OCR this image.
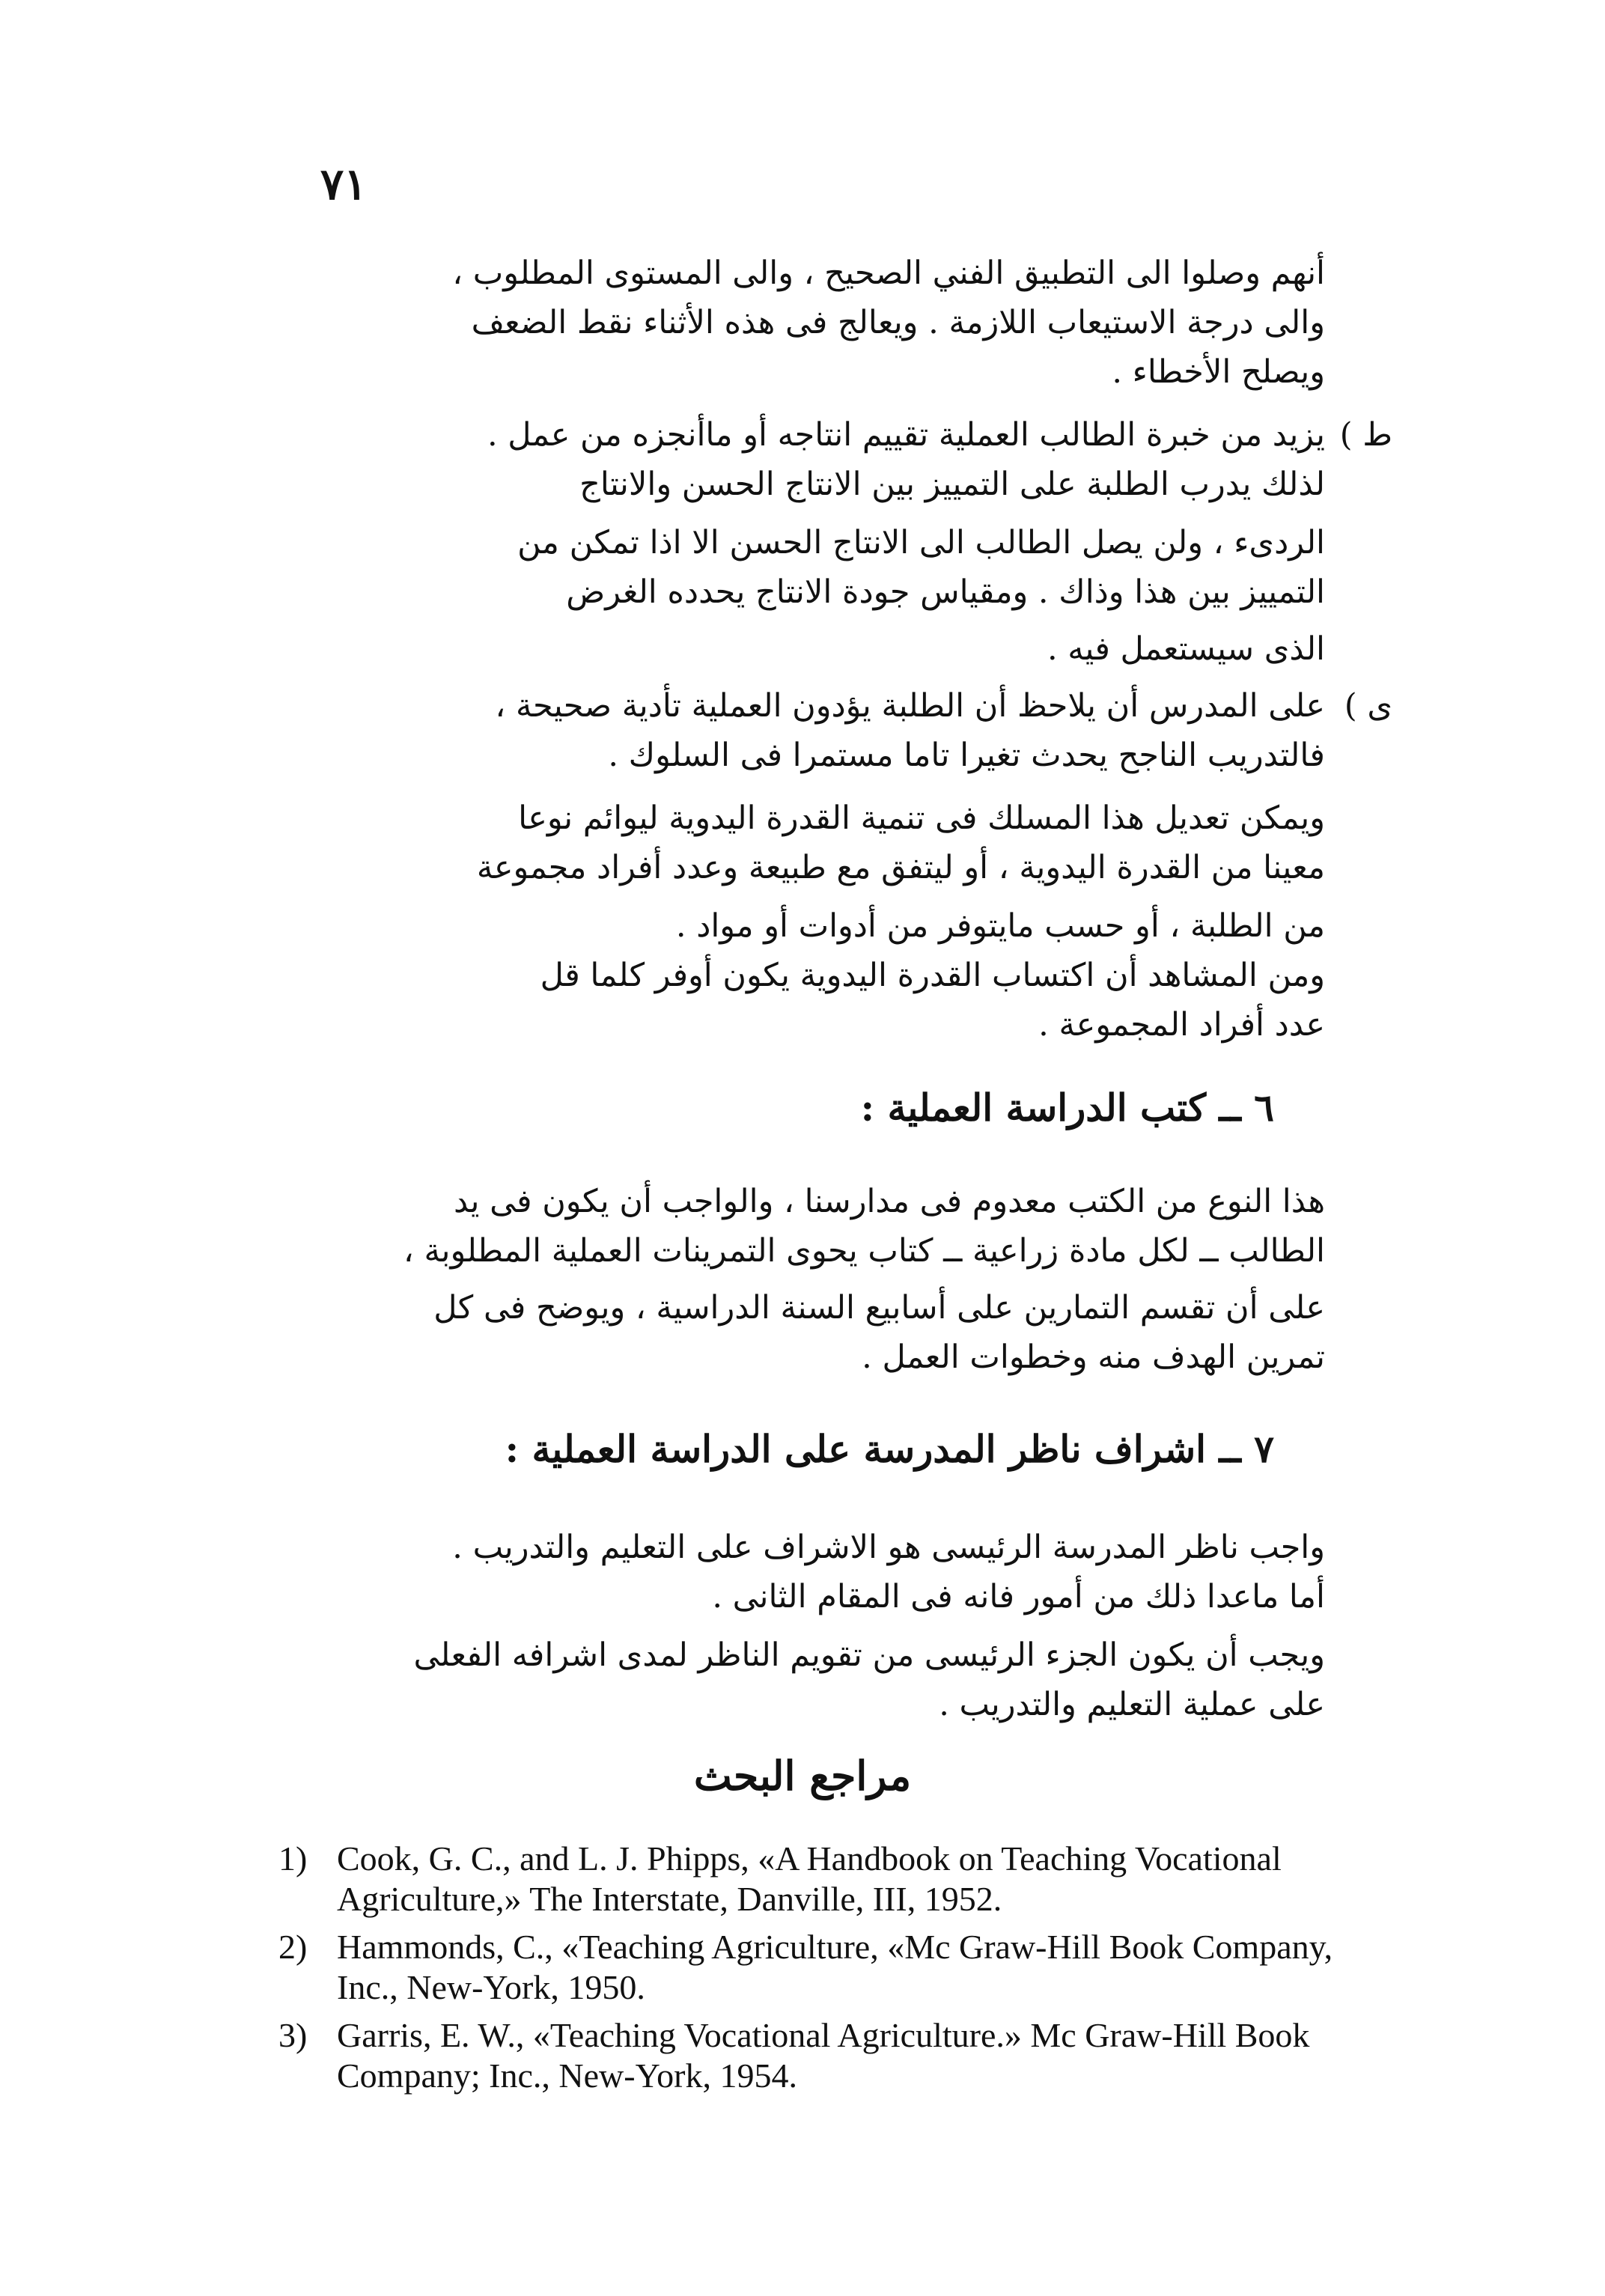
٧١
أنهم وصلوا الى التطبيق الفني الصحيح ، والى المستوى المطلوب ،
والى درجة الاستيعاب اللازمة . ويعالج فى هذه الأثناء نقط الضعف
ويصلح الأخطاء .
ط )
يزيد من خبرة الطالب العملية تقييم انتاجه أو ماأنجزه من عمل .
لذلك يدرب الطلبة على التمييز بين الانتاج الحسن والانتاج
الردىء ، ولن يصل الطالب الى الانتاج الحسن الا اذا تمكن من
التمييز بين هذا وذاك . ومقياس جودة الانتاج يحدده الغرض
الذى سيستعمل فيه .
ى )
على المدرس أن يلاحظ أن الطلبة يؤدون العملية تأدية صحيحة ،
فالتدريب الناجح يحدث تغيرا تاما مستمرا فى السلوك .
ويمكن تعديل هذا المسلك فى تنمية القدرة اليدوية ليوائم نوعا
معينا من القدرة اليدوية ، أو ليتفق مع طبيعة وعدد أفراد مجموعة
من الطلبة ، أو حسب مايتوفر من أدوات أو مواد .
ومن المشاهد أن اكتساب القدرة اليدوية يكون أوفر كلما قل
عدد أفراد المجموعة .
٦ ــ كتب الدراسة العملية :
هذا النوع من الكتب معدوم فى مدارسنا ، والواجب أن يكون فى يد
الطالب ــ لكل مادة زراعية ــ كتاب يحوى التمرينات العملية المطلوبة ،
على أن تقسم التمارين على أسابيع السنة الدراسية ، ويوضح فى كل
تمرين الهدف منه وخطوات العمل .
٧ ــ اشراف ناظر المدرسة على الدراسة العملية :
واجب ناظر المدرسة الرئيسى هو الاشراف على التعليم والتدريب .
أما ماعدا ذلك من أمور فانه فى المقام الثانى .
ويجب أن يكون الجزء الرئيسى من تقويم الناظر لمدى اشرافه الفعلى
على عملية التعليم والتدريب .
مراجع البحث
1) Cook, G. C., and L. J. Phipps, «A Handbook on Teaching Vocational Agriculture,» The Interstate, Danville, III, 1952.
2) Hammonds, C., «Teaching Agriculture, «Mc Graw-Hill Book Company, Inc., New-York, 1950.
3) Garris, E. W., «Teaching Vocational Agriculture.» Mc Graw-Hill Book Company; Inc., New-York, 1954.
